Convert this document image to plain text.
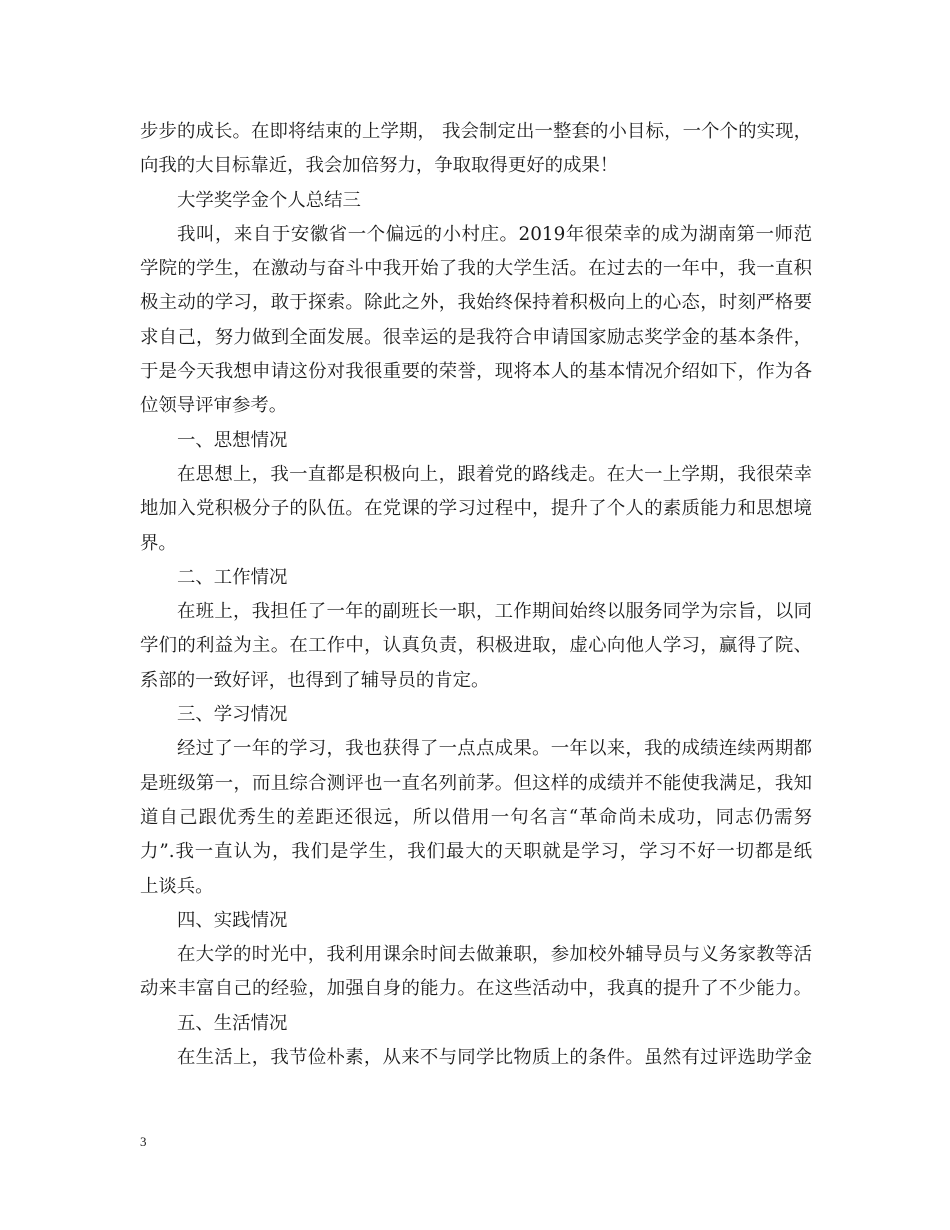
步步的成长。在即将结束的上学期， 我会制定出一整套的小目标，一个个的实现，
向我的大目标靠近，我会加倍努力，争取取得更好的成果！
大学奖学金个人总结三
我叫，来自于安徽省一个偏远的小村庄。2019年很荣幸的成为湖南第一师范
学院的学生，在激动与奋斗中我开始了我的大学生活。在过去的一年中，我一直积
极主动的学习，敢于探索。除此之外，我始终保持着积极向上的心态，时刻严格要
求自己，努力做到全面发展。很幸运的是我符合申请国家励志奖学金的基本条件，
于是今天我想申请这份对我很重要的荣誉，现将本人的基本情况介绍如下，作为各
位领导评审参考。
一、思想情况
在思想上，我一直都是积极向上，跟着党的路线走。在大一上学期，我很荣幸
地加入党积极分子的队伍。在党课的学习过程中，提升了个人的素质能力和思想境
界。
二、工作情况
在班上，我担任了一年的副班长一职，工作期间始终以服务同学为宗旨，以同
学们的利益为主。在工作中，认真负责，积极进取，虚心向他人学习，赢得了院、
系部的一致好评，也得到了辅导员的肯定。
三、学习情况
经过了一年的学习，我也获得了一点点成果。一年以来，我的成绩连续两期都
是班级第一，而且综合测评也一直名列前茅。但这样的成绩并不能使我满足，我知
道自己跟优秀生的差距还很远，所以借用一句名言“革命尚未成功，同志仍需努
力”.我一直认为，我们是学生，我们最大的天职就是学习，学习不好一切都是纸
上谈兵。
四、实践情况
在大学的时光中，我利用课余时间去做兼职，参加校外辅导员与义务家教等活
动来丰富自己的经验，加强自身的能力。在这些活动中，我真的提升了不少能力。
五、生活情况
在生活上，我节俭朴素，从来不与同学比物质上的条件。虽然有过评选助学金
3
